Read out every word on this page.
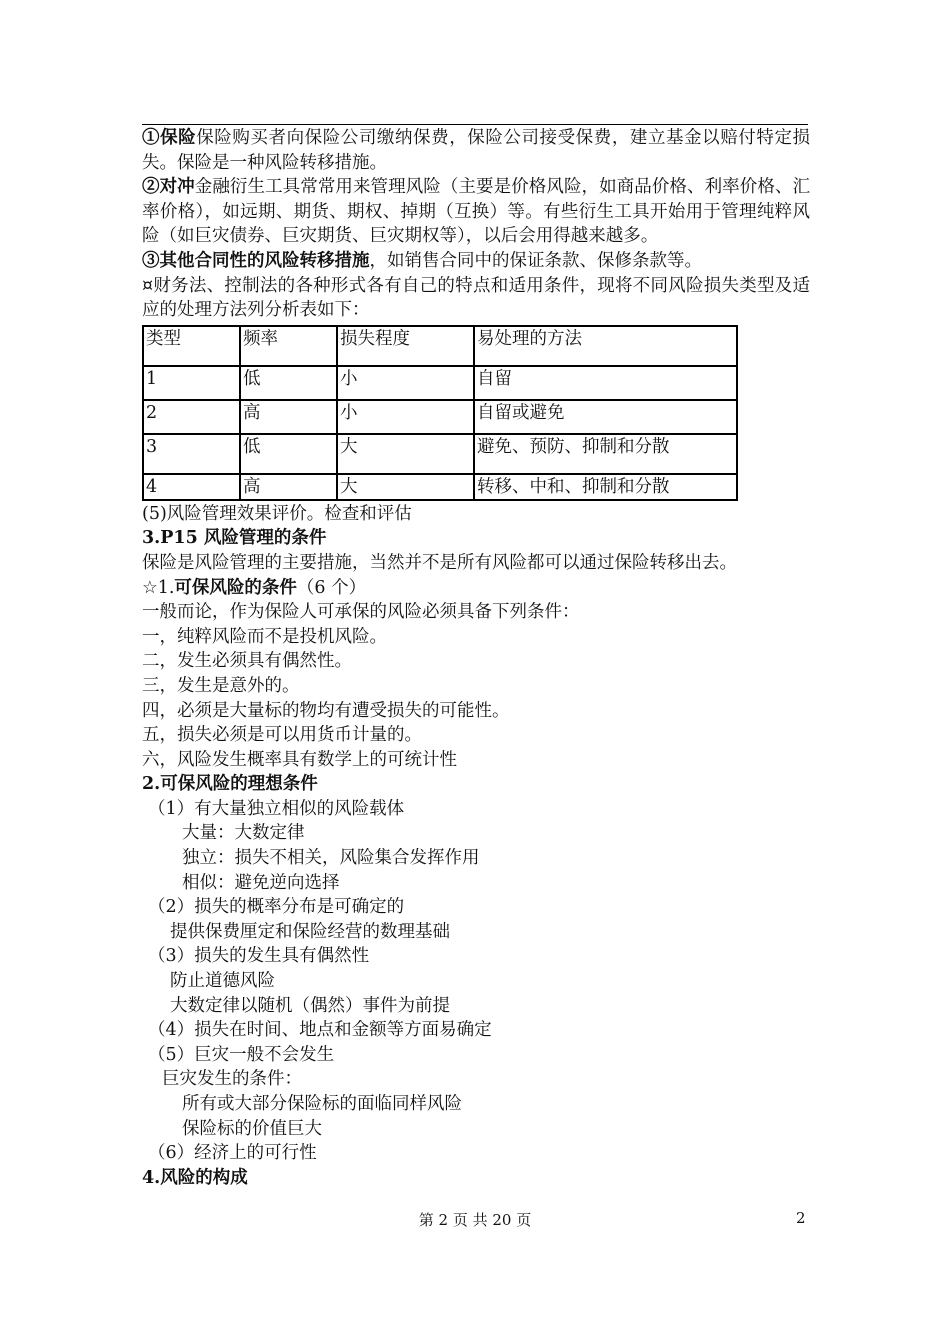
①保险保险购买者向保险公司缴纳保费，保险公司接受保费，建立基金以赔付特定损失。保险是一种风险转移措施。

②对冲金融衍生工具常常用来管理风险（主要是价格风险，如商品价格、利率价格、汇率价格），如远期、期货、期权、掉期（互换）等。有些衍生工具开始用于管理纯粹风险（如巨灾债券、巨灾期货、巨灾期权等），以后会用得越来越多。

③其他合同性的风险转移措施，如销售合同中的保证条款、保修条款等。

¤财务法、控制法的各种形式各有自己的特点和适用条件，现将不同风险损失类型及适应的处理方法列分析表如下：

类型	频率	损失程度	易处理的方法
1	低	小	自留
2	高	小	自留或避免
3	低	大	避免、预防、抑制和分散
4	高	大	转移、中和、抑制和分散

(5)风险管理效果评价。检查和评估

3.P15 风险管理的条件

保险是风险管理的主要措施，当然并不是所有风险都可以通过保险转移出去。

☆1.可保风险的条件（6 个）

一般而论，作为保险人可承保的风险必须具备下列条件：

一，纯粹风险而不是投机风险。

二，发生必须具有偶然性。

三，发生是意外的。

四，必须是大量标的物均有遭受损失的可能性。

五，损失必须是可以用货币计量的。

六，风险发生概率具有数学上的可统计性

2.可保风险的理想条件

（1）有大量独立相似的风险载体

大量：大数定律

独立：损失不相关，风险集合发挥作用

相似：避免逆向选择

（2）损失的概率分布是可确定的

提供保费厘定和保险经营的数理基础

（3）损失的发生具有偶然性

防止道德风险

大数定律以随机（偶然）事件为前提

（4）损失在时间、地点和金额等方面易确定

（5）巨灾一般不会发生

巨灾发生的条件：

所有或大部分保险标的面临同样风险

保险标的价值巨大

（6）经济上的可行性

4.风险的构成

第 2 页 共 20 页	2
